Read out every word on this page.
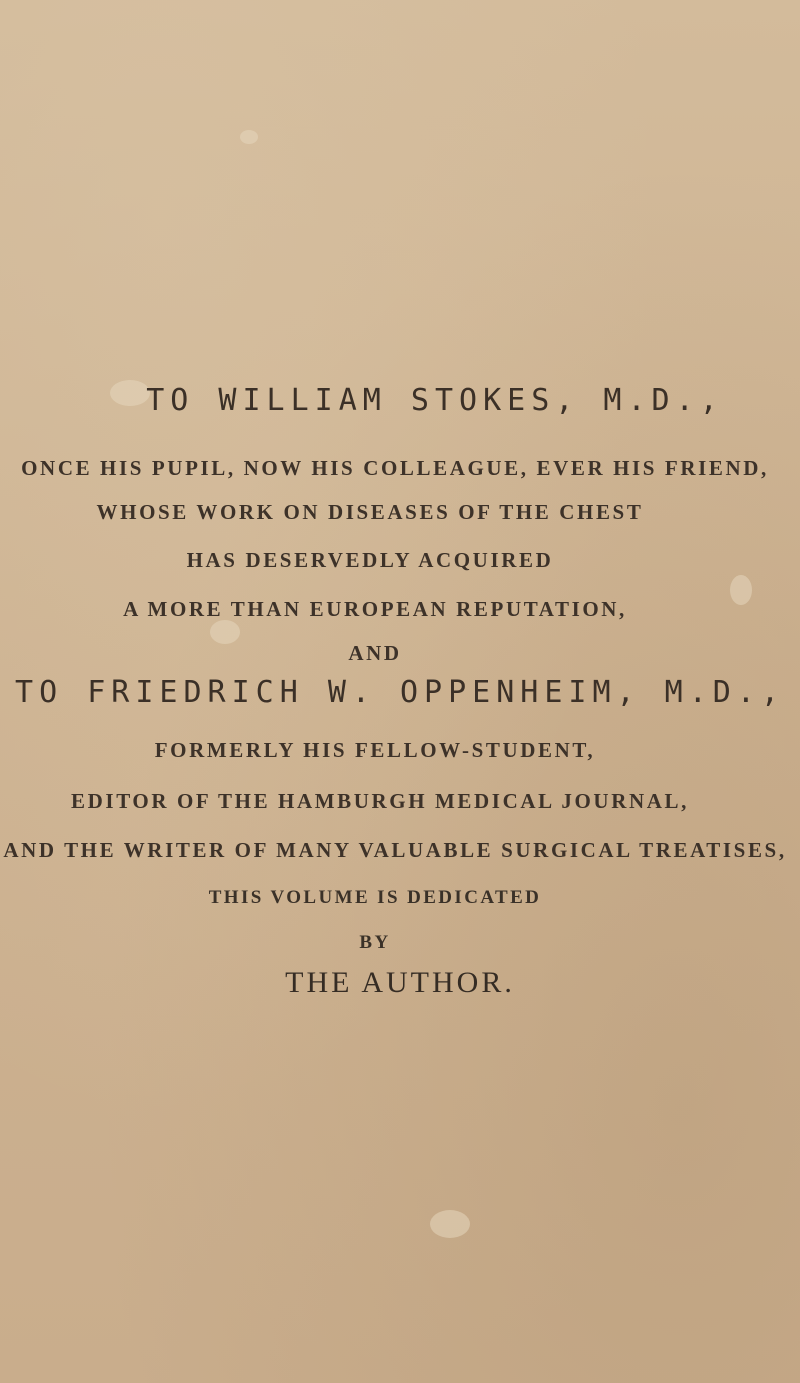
TO WILLIAM STOKES, M.D.,
ONCE HIS PUPIL, NOW HIS COLLEAGUE, EVER HIS FRIEND,
WHOSE WORK ON DISEASES OF THE CHEST
HAS DESERVEDLY ACQUIRED
A MORE THAN EUROPEAN REPUTATION,
AND
TO FRIEDRICH W. OPPENHEIM, M.D.,
FORMERLY HIS FELLOW-STUDENT,
EDITOR OF THE HAMBURGH MEDICAL JOURNAL,
AND THE WRITER OF MANY VALUABLE SURGICAL TREATISES,
THIS VOLUME IS DEDICATED
BY
THE AUTHOR.
